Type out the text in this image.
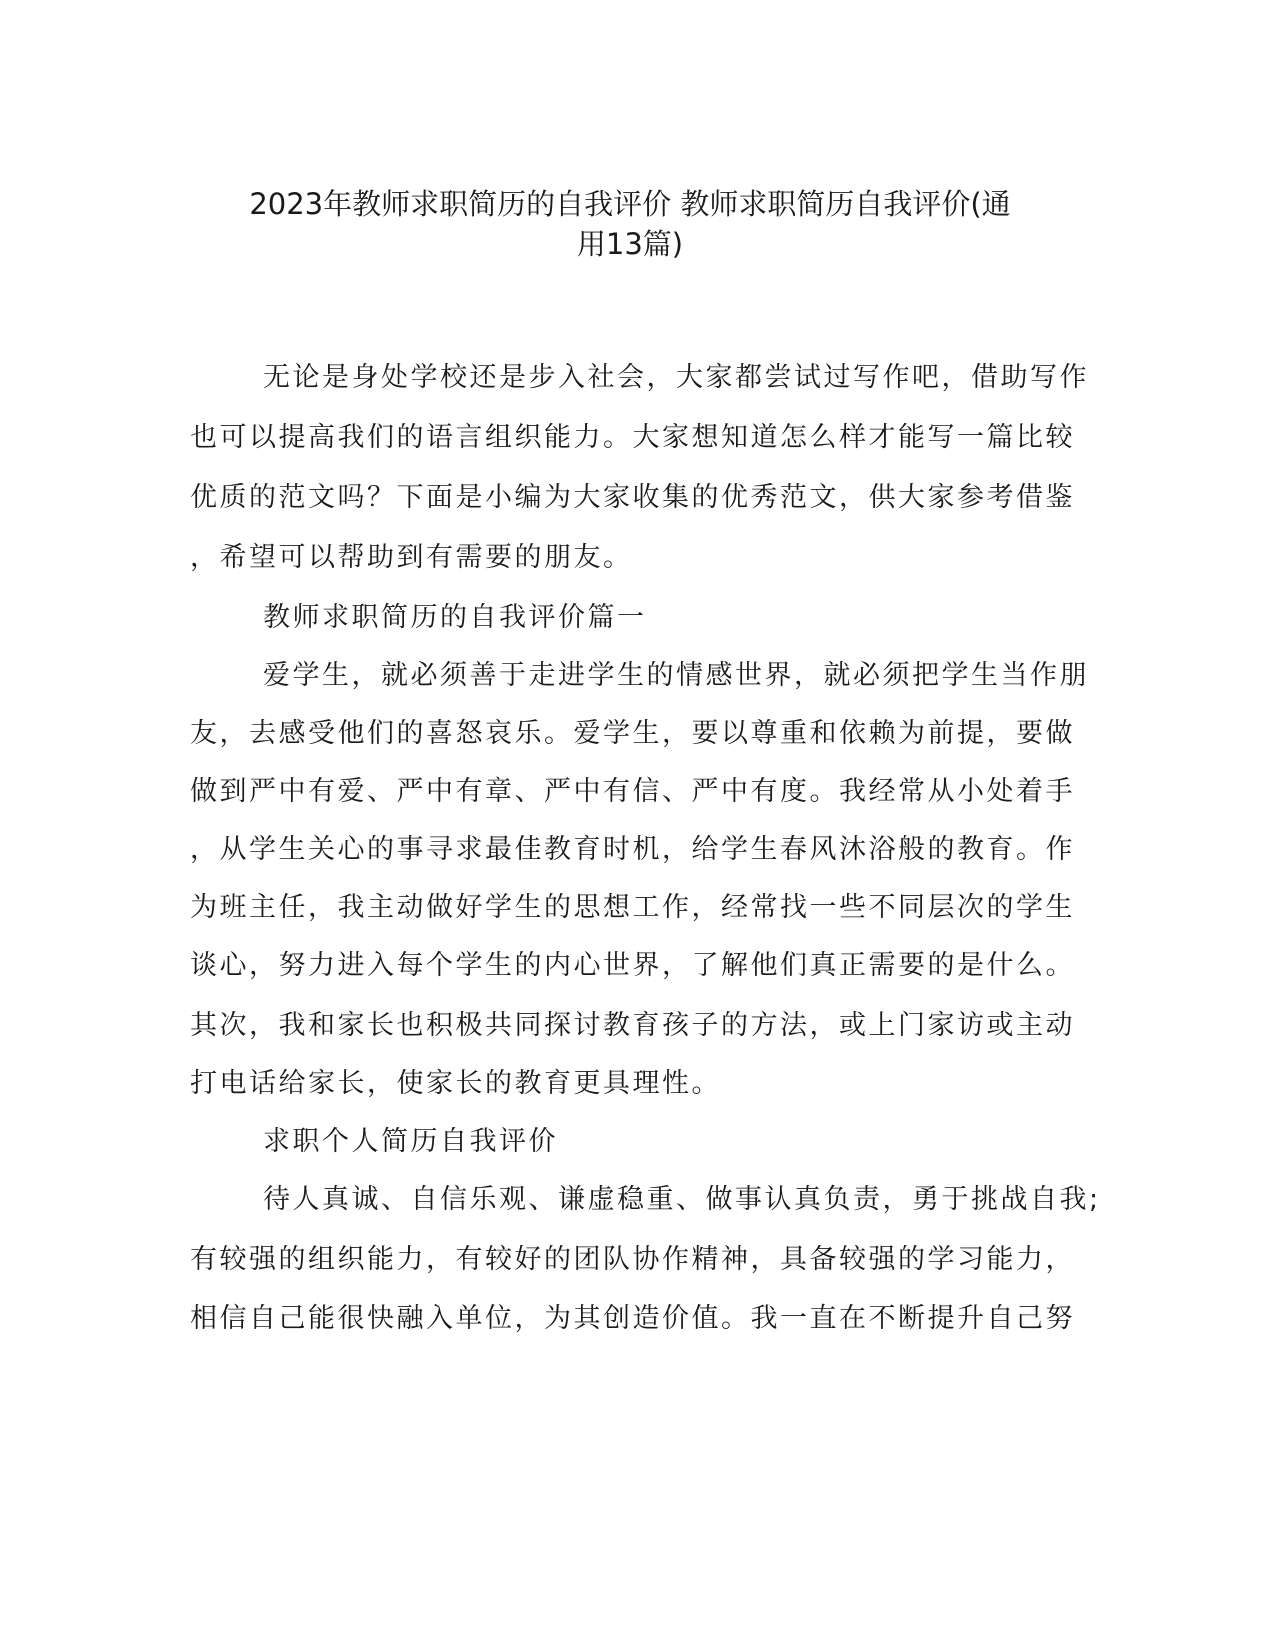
2023年教师求职简历的自我评价 教师求职简历自我评价(通
用13篇)
无论是身处学校还是步入社会，大家都尝试过写作吧，借助写作
也可以提高我们的语言组织能力。大家想知道怎么样才能写一篇比较
优质的范文吗？下面是小编为大家收集的优秀范文，供大家参考借鉴
，希望可以帮助到有需要的朋友。
教师求职简历的自我评价篇一
爱学生，就必须善于走进学生的情感世界，就必须把学生当作朋
友，去感受他们的喜怒哀乐。爱学生，要以尊重和依赖为前提，要做
做到严中有爱、严中有章、严中有信、严中有度。我经常从小处着手
，从学生关心的事寻求最佳教育时机，给学生春风沐浴般的教育。作
为班主任，我主动做好学生的思想工作，经常找一些不同层次的学生
谈心，努力进入每个学生的内心世界，了解他们真正需要的是什么。
其次，我和家长也积极共同探讨教育孩子的方法，或上门家访或主动
打电话给家长，使家长的教育更具理性。
求职个人简历自我评价
待人真诚、自信乐观、谦虚稳重、做事认真负责，勇于挑战自我;
有较强的组织能力，有较好的团队协作精神，具备较强的学习能力，
相信自己能很快融入单位，为其创造价值。我一直在不断提升自己努
